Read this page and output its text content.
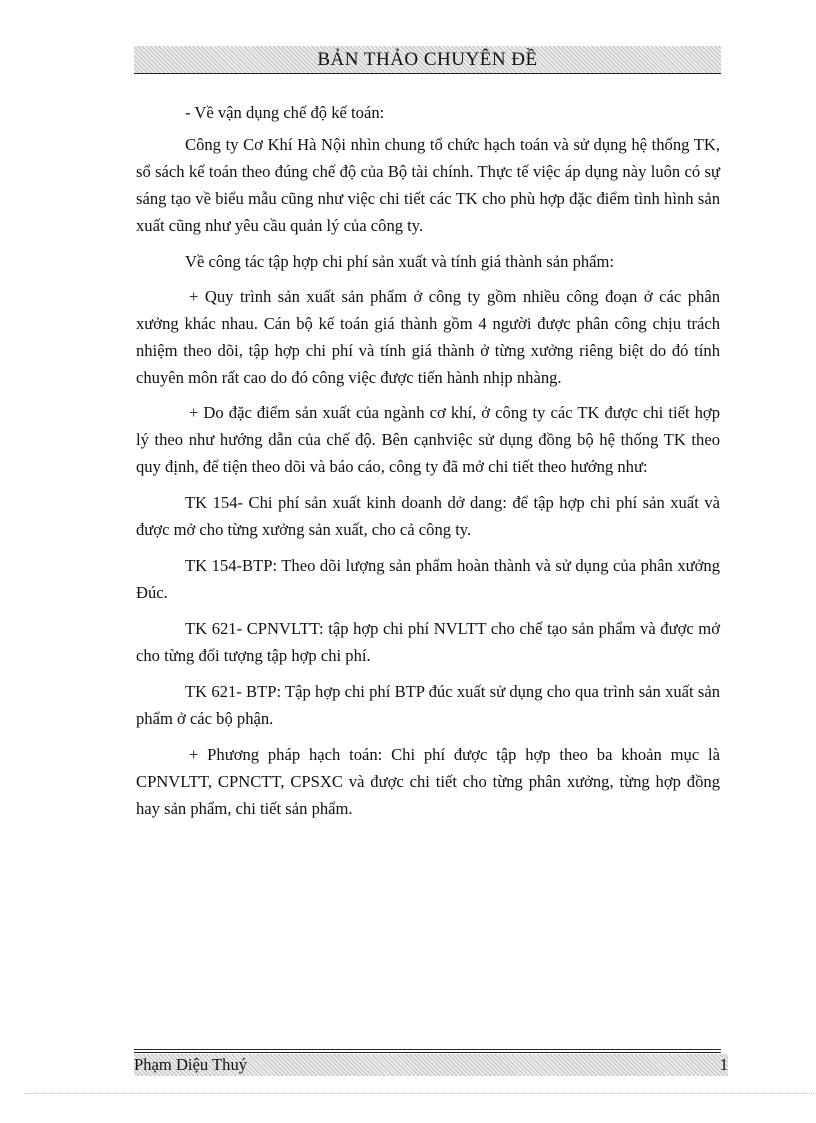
BẢN THẢO CHUYÊN ĐỀ

- Về vận dụng chế độ kế toán:

Công ty Cơ Khí Hà Nội nhìn chung tổ chức hạch toán và sử dụng hệ thống TK, sổ sách kế toán theo đúng chế độ của Bộ tài chính. Thực tế việc áp dụng này luôn có sự sáng tạo về biểu mẫu cũng như việc chi tiết các TK cho phù hợp đặc điểm tình hình sản xuất cũng như yêu cầu quản lý của công ty.

Về công tác tập hợp chi phí sản xuất và tính giá thành sản phẩm:

+ Quy trình sản xuất sản phẩm ở công ty gồm nhiều công đoạn ở các phân xưởng khác nhau. Cán bộ kế toán giá thành gồm 4 người được phân công chịu trách nhiệm theo dõi, tập hợp chi phí và tính giá thành ở từng xưởng riêng biệt do đó tính chuyên môn rất cao do đó công việc được tiến hành nhịp nhàng.

+ Do đặc điểm sản xuất của ngành cơ khí, ở công ty các TK được chi tiết hợp lý theo như hướng dẫn của chế độ. Bên cạnhviệc sử dụng đồng bộ hệ thống TK theo quy định, để tiện theo dõi và báo cáo, công ty đã mở chi tiết theo hướng như:

TK 154- Chi phí sản xuất kinh doanh dở dang: để tập hợp chi phí sản xuất và được mở cho từng xưởng sản xuất, cho cả công ty.

TK 154-BTP: Theo dõi lượng sản phẩm hoàn thành và sử dụng của phân xưởng Đúc.

TK 621- CPNVLTT: tập hợp chi phí NVLTT cho chế tạo sản phẩm và được mở cho từng đối tượng tập hợp chi phí.

TK 621- BTP: Tập hợp chi phí BTP đúc xuất sử dụng cho qua trình sản xuất sản phẩm ở các bộ phận.

+ Phương pháp hạch toán: Chi phí được tập hợp theo ba khoản mục là CPNVLTT, CPNCTT, CPSXC và được chi tiết cho từng phân xưởng, từng hợp đồng hay sản phẩm, chi tiết sản phẩm.

Phạm Diệu Thuý	1
